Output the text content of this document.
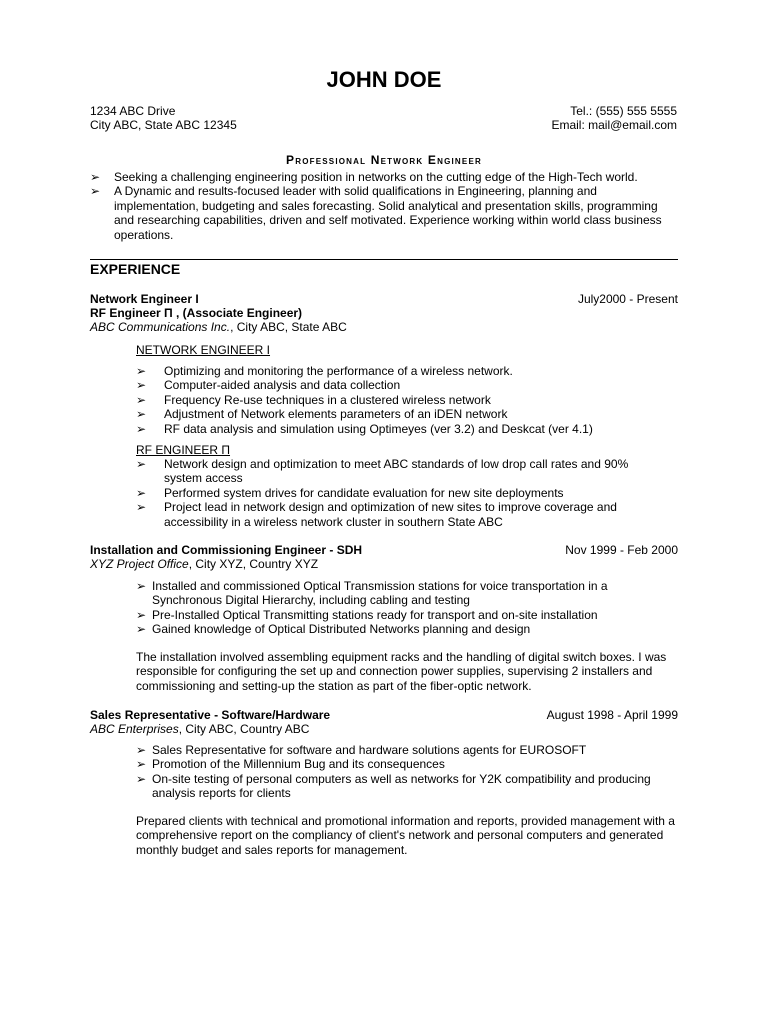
JOHN DOE
1234 ABC Drive
City ABC, State ABC 12345
Tel.: (555) 555 5555
Email: mail@email.com
Professional Network Engineer
➢ Seeking a challenging engineering position in networks on the cutting edge of the High-Tech world.
➢ A Dynamic and results-focused leader with solid qualifications in Engineering, planning and implementation, budgeting and sales forecasting. Solid analytical and presentation skills, programming and researching capabilities, driven and self motivated. Experience working within world class business operations.
EXPERIENCE
Network Engineer Ι
RF Engineer Π , (Associate Engineer)
July2000 - Present
ABC Communications Inc., City ABC, State ABC
NETWORK ENGINEER Ι
➢ Optimizing and monitoring the performance of a wireless network.
➢ Computer-aided analysis and data collection
➢ Frequency Re-use techniques in a clustered wireless network
➢ Adjustment of Network elements parameters of an iDEN network
➢ RF data analysis and simulation using Optimeyes (ver 3.2) and Deskcat (ver 4.1)
RF ENGINEER Π
➢ Network design and optimization to meet ABC standards of low drop call rates and 90% system access
➢ Performed system drives for candidate evaluation for new site deployments
➢ Project lead in network design and optimization of new sites to improve coverage and accessibility in a wireless network cluster in southern State ABC
Installation and Commissioning Engineer - SDH	Nov 1999 - Feb 2000
XYZ Project Office, City XYZ, Country XYZ
➢ Installed and commissioned Optical Transmission stations for voice transportation in a Synchronous Digital Hierarchy, including cabling and testing
➢ Pre-Installed Optical Transmitting stations ready for transport and on-site installation
➢ Gained knowledge of Optical Distributed Networks planning and design
The installation involved assembling equipment racks and the handling of digital switch boxes. I was responsible for configuring the set up and connection power supplies, supervising 2 installers and commissioning and setting-up the station as part of the fiber-optic network.
Sales Representative - Software/Hardware	August 1998 - April 1999
ABC Enterprises, City ABC, Country ABC
➢ Sales Representative for software and hardware solutions agents for EUROSOFT
➢ Promotion of the Millennium Bug and its consequences
➢ On-site testing of personal computers as well as networks for Y2K compatibility and producing analysis reports for clients
Prepared clients with technical and promotional information and reports, provided management with a comprehensive report on the compliancy of client's network and personal computers and generated monthly budget and sales reports for management.
